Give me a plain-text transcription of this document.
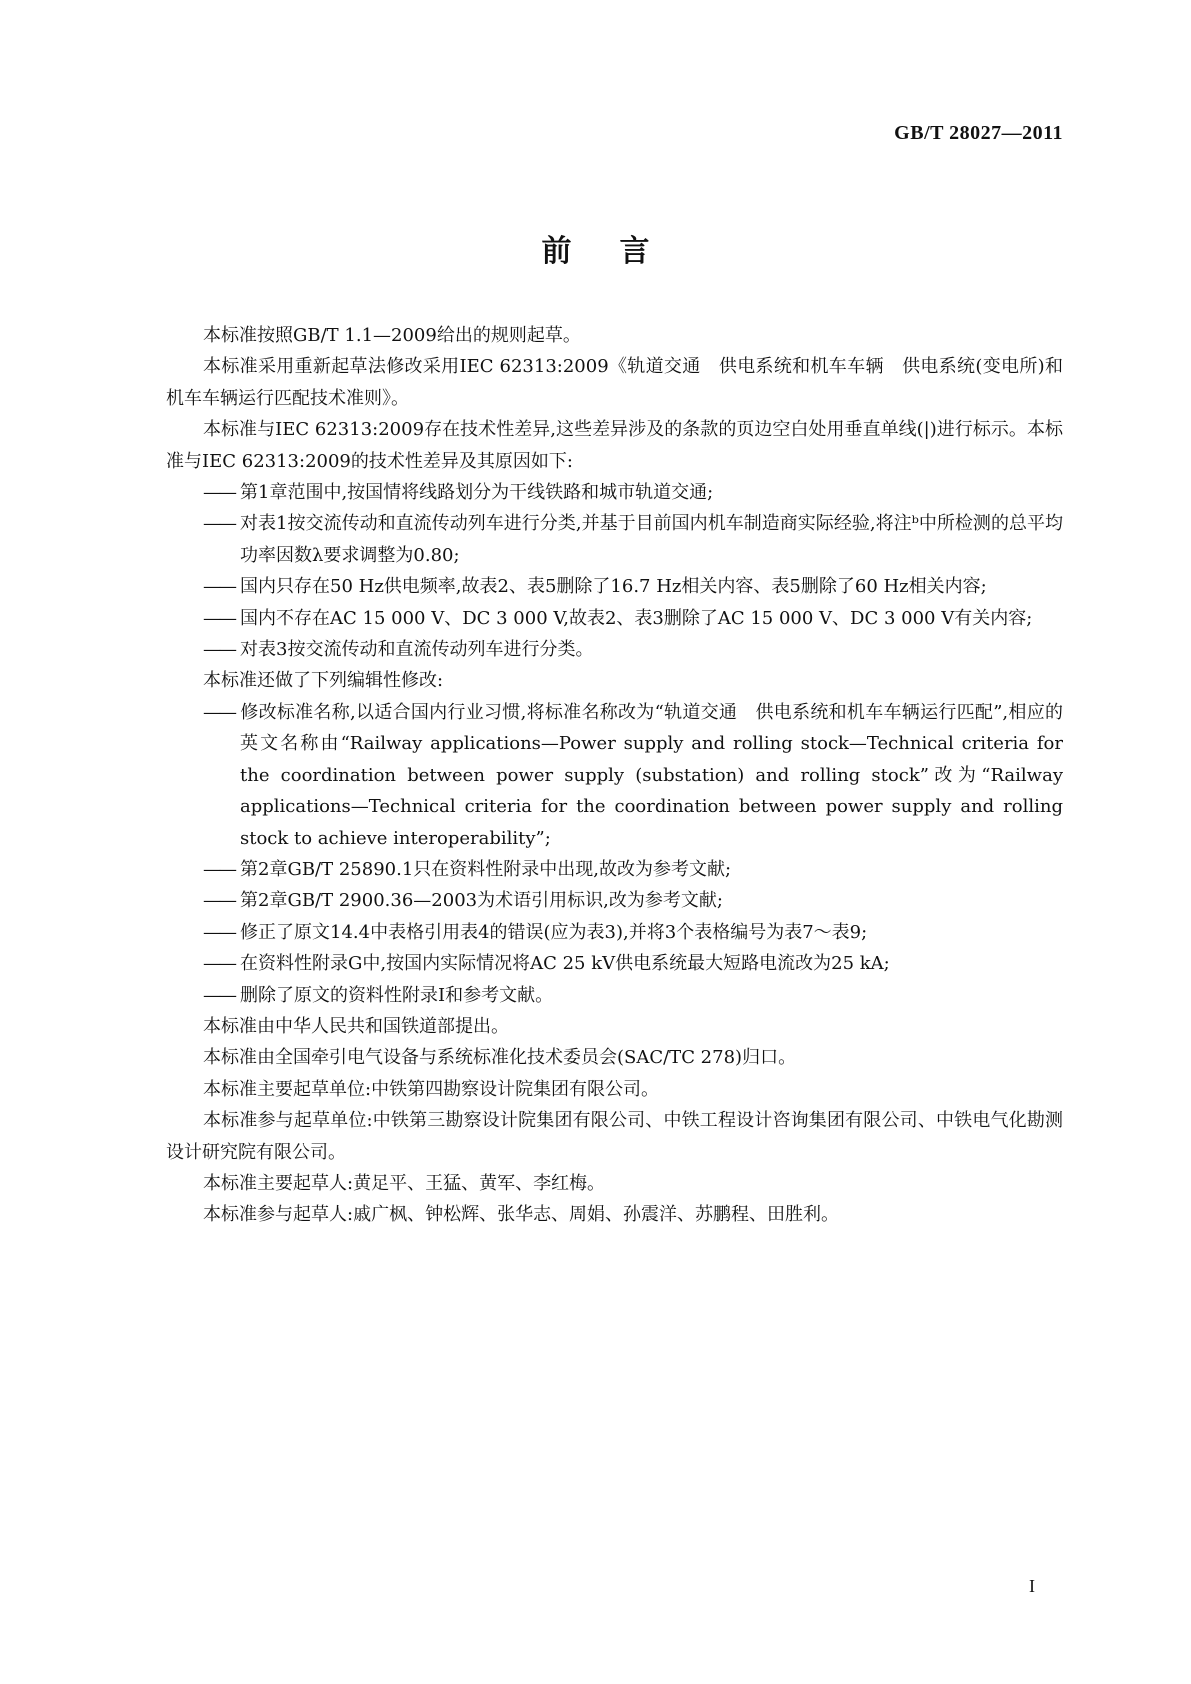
GB/T 28027—2011
前言

本标准按照GB/T 1.1—2009给出的规则起草。

本标准采用重新起草法修改采用IEC 62313:2009《轨道交通　供电系统和机车车辆　供电系统(变电所)和机车车辆运行匹配技术准则》。

本标准与IEC 62313:2009存在技术性差异,这些差异涉及的条款的页边空白处用垂直单线(|)进行标示。本标准与IEC 62313:2009的技术性差异及其原因如下:

—— 第1章范围中,按国情将线路划分为干线铁路和城市轨道交通;

—— 对表1按交流传动和直流传动列车进行分类,并基于目前国内机车制造商实际经验,将注ᵇ中所检测的总平均功率因数λ要求调整为0.80;

—— 国内只存在50 Hz供电频率,故表2、表5删除了16.7 Hz相关内容、表5删除了60 Hz相关内容;

—— 国内不存在AC 15 000 V、DC 3 000 V,故表2、表3删除了AC 15 000 V、DC 3 000 V有关内容;

—— 对表3按交流传动和直流传动列车进行分类。

本标准还做了下列编辑性修改:

—— 修改标准名称,以适合国内行业习惯,将标准名称改为“轨道交通　供电系统和机车车辆运行匹配”,相应的英文名称由“Railway applications—Power supply and rolling stock—Technical criteria for the coordination between power supply (substation) and rolling stock”改为“Railway applications—Technical criteria for the coordination between power supply and rolling stock to achieve interoperability”;

—— 第2章GB/T 25890.1只在资料性附录中出现,故改为参考文献;

—— 第2章GB/T 2900.36—2003为术语引用标识,改为参考文献;

—— 修正了原文14.4中表格引用表4的错误(应为表3),并将3个表格编号为表7～表9;

—— 在资料性附录G中,按国内实际情况将AC 25 kV供电系统最大短路电流改为25 kA;

—— 删除了原文的资料性附录I和参考文献。

本标准由中华人民共和国铁道部提出。

本标准由全国牵引电气设备与系统标准化技术委员会(SAC/TC 278)归口。

本标准主要起草单位:中铁第四勘察设计院集团有限公司。

本标准参与起草单位:中铁第三勘察设计院集团有限公司、中铁工程设计咨询集团有限公司、中铁电气化勘测设计研究院有限公司。

本标准主要起草人:黄足平、王猛、黄军、李红梅。

本标准参与起草人:戚广枫、钟松辉、张华志、周娟、孙震洋、苏鹏程、田胜利。

I
